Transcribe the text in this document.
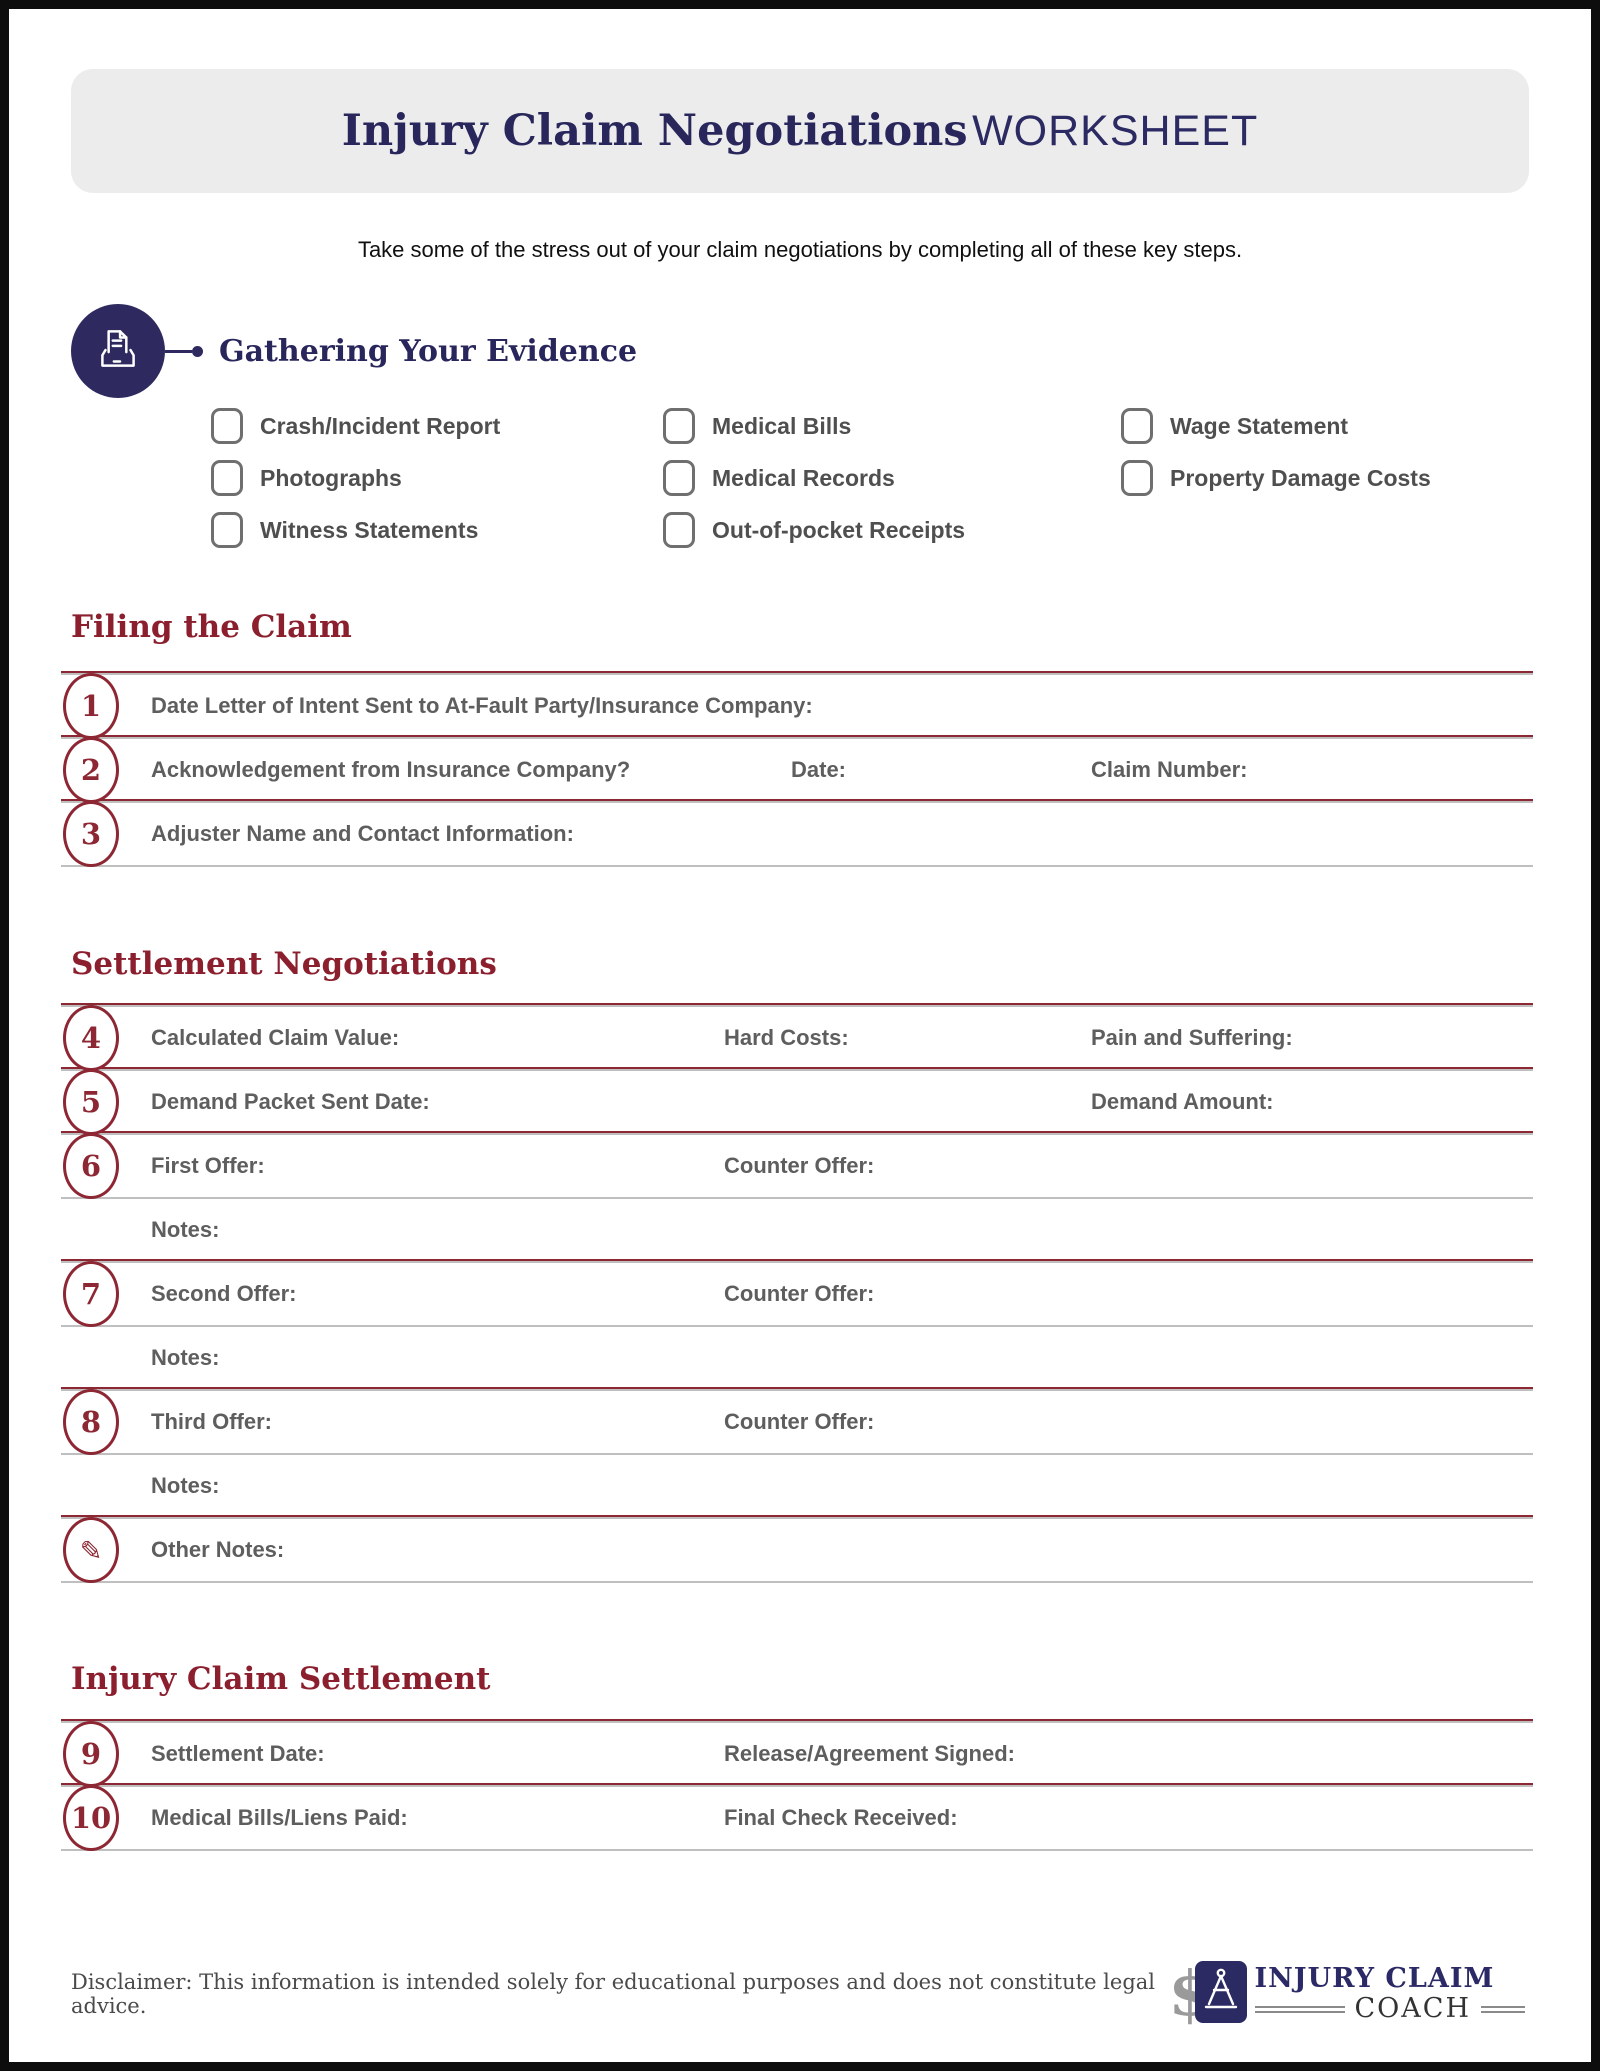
Injury Claim Negotiations WORKSHEET
Take some of the stress out of your claim negotiations by completing all of these key steps.
Gathering Your Evidence
Crash/Incident Report
Photographs
Witness Statements
Medical Bills
Medical Records
Out-of-pocket Receipts
Wage Statement
Property Damage Costs
Filing the Claim
1	Date Letter of Intent Sent to At-Fault Party/Insurance Company:
2	Acknowledgement from Insurance Company?	Date:	Claim Number:
3	Adjuster Name and Contact Information:
Settlement Negotiations
4	Calculated Claim Value:	Hard Costs:	Pain and Suffering:
5	Demand Packet Sent Date:	Demand Amount:
6	First Offer:	Counter Offer:
Notes:
7	Second Offer:	Counter Offer:
Notes:
8	Third Offer:	Counter Offer:
Notes:
✎
Other Notes:
Injury Claim Settlement
9	Settlement Date:	Release/Agreement Signed:
10	Medical Bills/Liens Paid:	Final Check Received:
Disclaimer: This information is intended solely for educational purposes and does not constitute legal advice.
INJURY CLAIM
COACH
